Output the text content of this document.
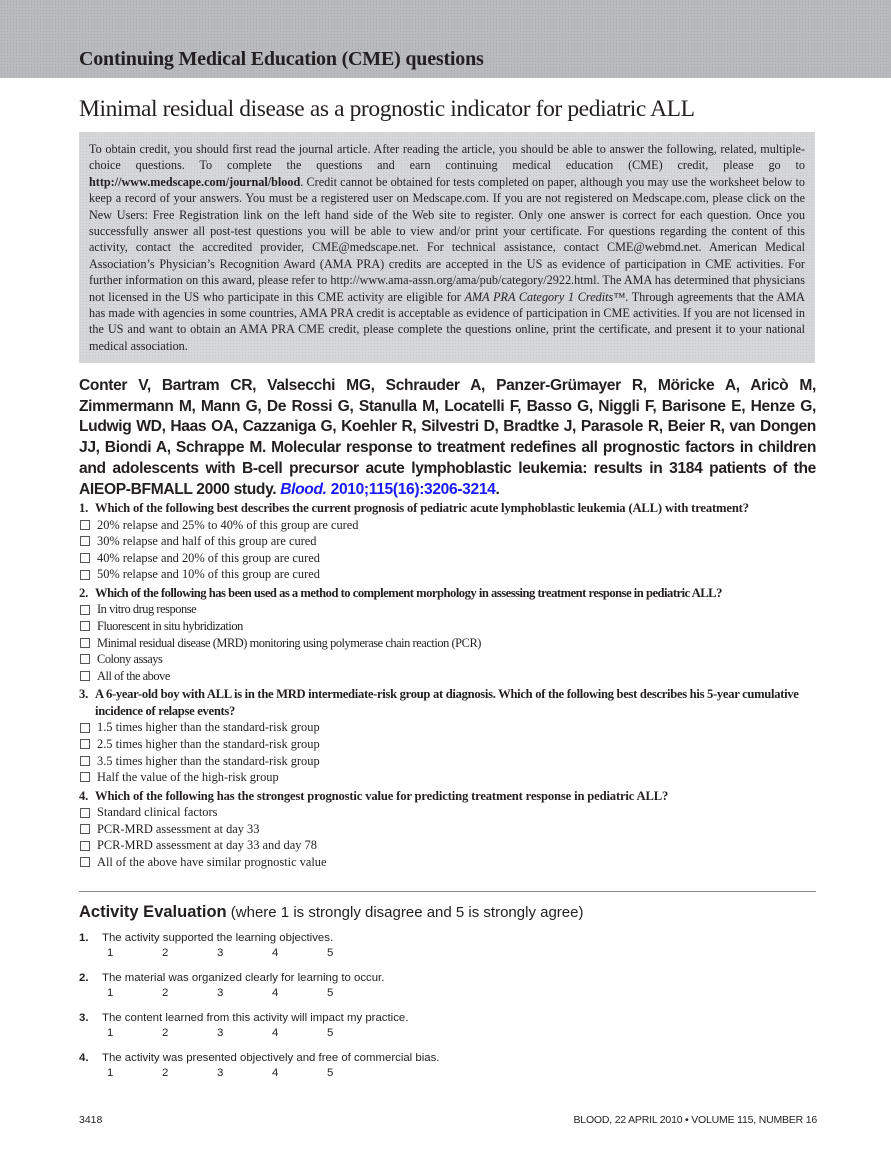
Continuing Medical Education (CME) questions
Minimal residual disease as a prognostic indicator for pediatric ALL
To obtain credit, you should first read the journal article. After reading the article, you should be able to answer the following, related, multiple-choice questions. To complete the questions and earn continuing medical education (CME) credit, please go to http://www.medscape.com/journal/blood. Credit cannot be obtained for tests completed on paper, although you may use the worksheet below to keep a record of your answers. You must be a registered user on Medscape.com. If you are not registered on Medscape.com, please click on the New Users: Free Registration link on the left hand side of the Web site to register. Only one answer is correct for each question. Once you successfully answer all post-test questions you will be able to view and/or print your certificate. For questions regarding the content of this activity, contact the accredited provider, CME@medscape.net. For technical assistance, contact CME@webmd.net. American Medical Association’s Physician’s Recognition Award (AMA PRA) credits are accepted in the US as evidence of participation in CME activities. For further information on this award, please refer to http://www.ama-assn.org/ama/pub/category/2922.html. The AMA has determined that physicians not licensed in the US who participate in this CME activity are eligible for AMA PRA Category 1 Credits™. Through agreements that the AMA has made with agencies in some countries, AMA PRA credit is acceptable as evidence of participation in CME activities. If you are not licensed in the US and want to obtain an AMA PRA CME credit, please complete the questions online, print the certificate, and present it to your national medical association.
Conter V, Bartram CR, Valsecchi MG, Schrauder A, Panzer-Grümayer R, Möricke A, Aricò M, Zimmermann M, Mann G, De Rossi G, Stanulla M, Locatelli F, Basso G, Niggli F, Barisone E, Henze G, Ludwig WD, Haas OA, Cazzaniga G, Koehler R, Silvestri D, Bradtke J, Parasole R, Beier R, van Dongen JJ, Biondi A, Schrappe M. Molecular response to treatment redefines all prognostic factors in children and adolescents with B-cell precursor acute lymphoblastic leukemia: results in 3184 patients of the AIEOP-BFMALL 2000 study. Blood. 2010;115(16):3206-3214.
1. Which of the following best describes the current prognosis of pediatric acute lymphoblastic leukemia (ALL) with treatment?
20% relapse and 25% to 40% of this group are cured
30% relapse and half of this group are cured
40% relapse and 20% of this group are cured
50% relapse and 10% of this group are cured
2. Which of the following has been used as a method to complement morphology in assessing treatment response in pediatric ALL?
In vitro drug response
Fluorescent in situ hybridization
Minimal residual disease (MRD) monitoring using polymerase chain reaction (PCR)
Colony assays
All of the above
3. A 6-year-old boy with ALL is in the MRD intermediate-risk group at diagnosis. Which of the following best describes his 5-year cumulative incidence of relapse events?
1.5 times higher than the standard-risk group
2.5 times higher than the standard-risk group
3.5 times higher than the standard-risk group
Half the value of the high-risk group
4. Which of the following has the strongest prognostic value for predicting treatment response in pediatric ALL?
Standard clinical factors
PCR-MRD assessment at day 33
PCR-MRD assessment at day 33 and day 78
All of the above have similar prognostic value
Activity Evaluation (where 1 is strongly disagree and 5 is strongly agree)
1.	The activity supported the learning objectives.
1	2	3	4	5
2.	The material was organized clearly for learning to occur.
1	2	3	4	5
3.	The content learned from this activity will impact my practice.
1	2	3	4	5
4.	The activity was presented objectively and free of commercial bias.
1	2	3	4	5
3418	BLOOD, 22 APRIL 2010 • VOLUME 115, NUMBER 16
